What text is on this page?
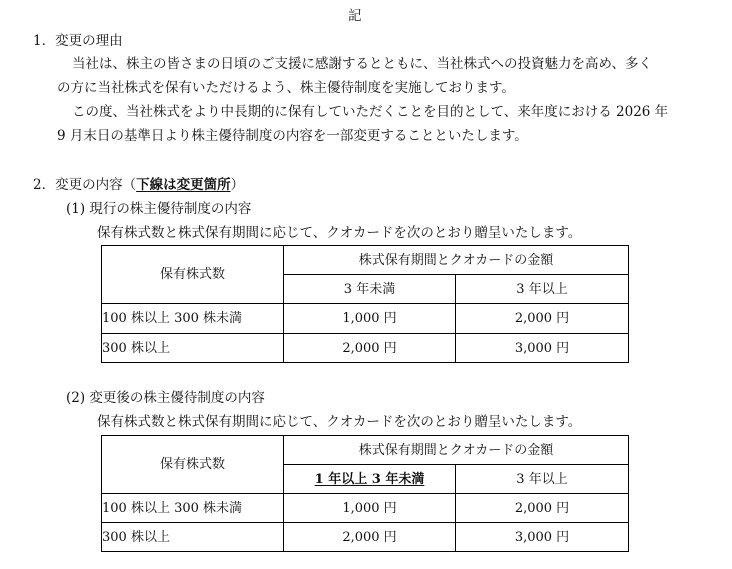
記
1．変更の理由
当社は、株主の皆さまの日頃のご支援に感謝するとともに、当社株式への投資魅力を高め、多く
の方に当社株式を保有いただけるよう、株主優待制度を実施しております。
この度、当社株式をより中長期的に保有していただくことを目的として、来年度における 2026 年
9 月末日の基準日より株主優待制度の内容を一部変更することといたします。
2．変更の内容（下線は変更箇所）
(1) 現行の株主優待制度の内容
保有株式数と株式保有期間に応じて、クオカードを次のとおり贈呈いたします。
保有株式数	株式保有期間とクオカードの金額	
	3 年未満	3 年以上
100 株以上 300 株未満	1,000 円	2,000 円
300 株以上	2,000 円	3,000 円
(2) 変更後の株主優待制度の内容
保有株式数と株式保有期間に応じて、クオカードを次のとおり贈呈いたします。
保有株式数	株式保有期間とクオカードの金額	
	1 年以上 3 年未満	3 年以上
100 株以上 300 株未満	1,000 円	2,000 円
300 株以上	2,000 円	3,000 円
